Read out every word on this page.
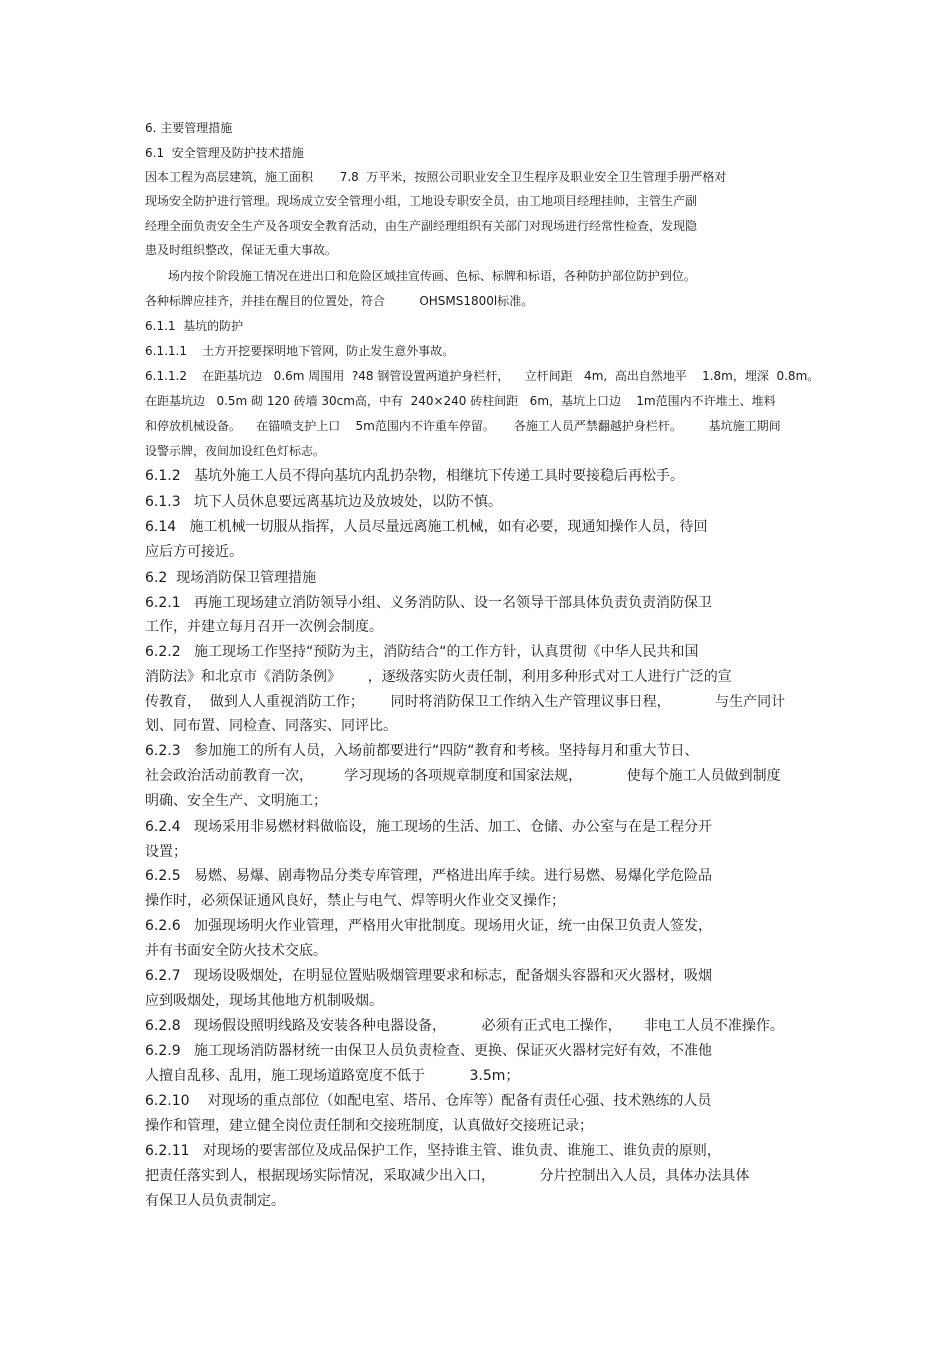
6. 主要管理措施
6.1  安全管理及防护技术措施
因本工程为高层建筑，施工面积       7.8  万平米，按照公司职业安全卫生程序及职业安全卫生管理手册严格对
现场安全防护进行管理。现场成立安全管理小组，工地设专职安全员，由工地项目经理挂帅，主管生产副
经理全面负责安全生产及各项安全教育活动，由生产副经理组织有关部门对现场进行经常性检查，发现隐
患及时组织整改，保证无重大事故。
场内按个阶段施工情况在进出口和危险区域挂宣传画、色标、标牌和标语，各种防护部位防护到位。
各种标牌应挂齐，并挂在醒目的位置处，符合         OHSMS1800l标准。
6.1.1  基坑的防护
6.1.1.1    土方开挖要探明地下管网，防止发生意外事故。
6.1.1.2    在距基坑边   0.6m 周围用  ?48 钢管设置两道护身栏杆，    立杆间距   4m,  高出自然地平    1.8m，埋深  0.8m。
在距基坑边   0.5m 砌 120 砖墙 30cm高，中有  240×240 砖柱间距   6m，基坑上口边    1m范围内不许堆土、堆料
和停放机械设备。    在锚喷支护上口    5m范围内不许重车停留。     各施工人员严禁翻越护身栏杆。       基坑施工期间
设警示牌，夜间加设红色灯标志。
6.1.2   基坑外施工人员不得向基坑内乱扔杂物，相继坑下传递工具时要接稳后再松手。
6.1.3   坑下人员休息要远离基坑边及放坡处，以防不慎。
6.14   施工机械一切服从指挥，人员尽量远离施工机械，如有必要，现通知操作人员，待回
应后方可接近。
6.2  现场消防保卫管理措施
6.2.1   再施工现场建立消防领导小组、义务消防队、设一名领导干部具体负责负责消防保卫
工作，并建立每月召开一次例会制度。
6.2.2   施工现场工作坚持“预防为主，消防结合“的工作方针，认真贯彻《中华人民共和国
消防法》和北京市《消防条例》      ，逐级落实防火责任制，利用多种形式对工人进行广泛的宣
传教育，  做到人人重视消防工作；      同时将消防保卫工作纳入生产管理议事日程，          与生产同计
划、同布置、同检查、同落实、同评比。
6.2.3   参加施工的所有人员，入场前都要进行“四防“教育和考核。坚持每月和重大节日、
社会政治活动前教育一次，       学习现场的各项规章制度和国家法规，          使每个施工人员做到制度
明确、安全生产、文明施工；
6.2.4   现场采用非易燃材料做临设，施工现场的生活、加工、仓储、办公室与在是工程分开
设置；
6.2.5   易燃、易爆、剧毒物品分类专库管理，严格进出库手续。进行易燃、易爆化学危险品
操作时，必须保证通风良好，禁止与电气、焊等明火作业交叉操作；
6.2.6   加强现场明火作业管理，严格用火审批制度。现场用火证，统一由保卫负责人签发，
并有书面安全防火技术交底。
6.2.7   现场设吸烟处，在明显位置贴吸烟管理要求和标志，配备烟头容器和灭火器材，吸烟
应到吸烟处，现场其他地方机制吸烟。
6.2.8   现场假设照明线路及安装各种电器设备，        必须有正式电工操作，     非电工人员不准操作。
6.2.9   施工现场消防器材统一由保卫人员负责检查、更换、保证灭火器材完好有效，不准他
人擅自乱移、乱用，施工现场道路宽度不低于          3.5m；
6.2.10    对现场的重点部位（如配电室、塔吊、仓库等）配备有责任心强、技术熟练的人员
操作和管理，建立健全岗位责任制和交接班制度，认真做好交接班记录；
6.2.11   对现场的要害部位及成品保护工作，坚持谁主管、谁负责、谁施工、谁负责的原则，
把责任落实到人，根据现场实际情况，采取减少出入口，          分片控制出入人员，具体办法具体
有保卫人员负责制定。
